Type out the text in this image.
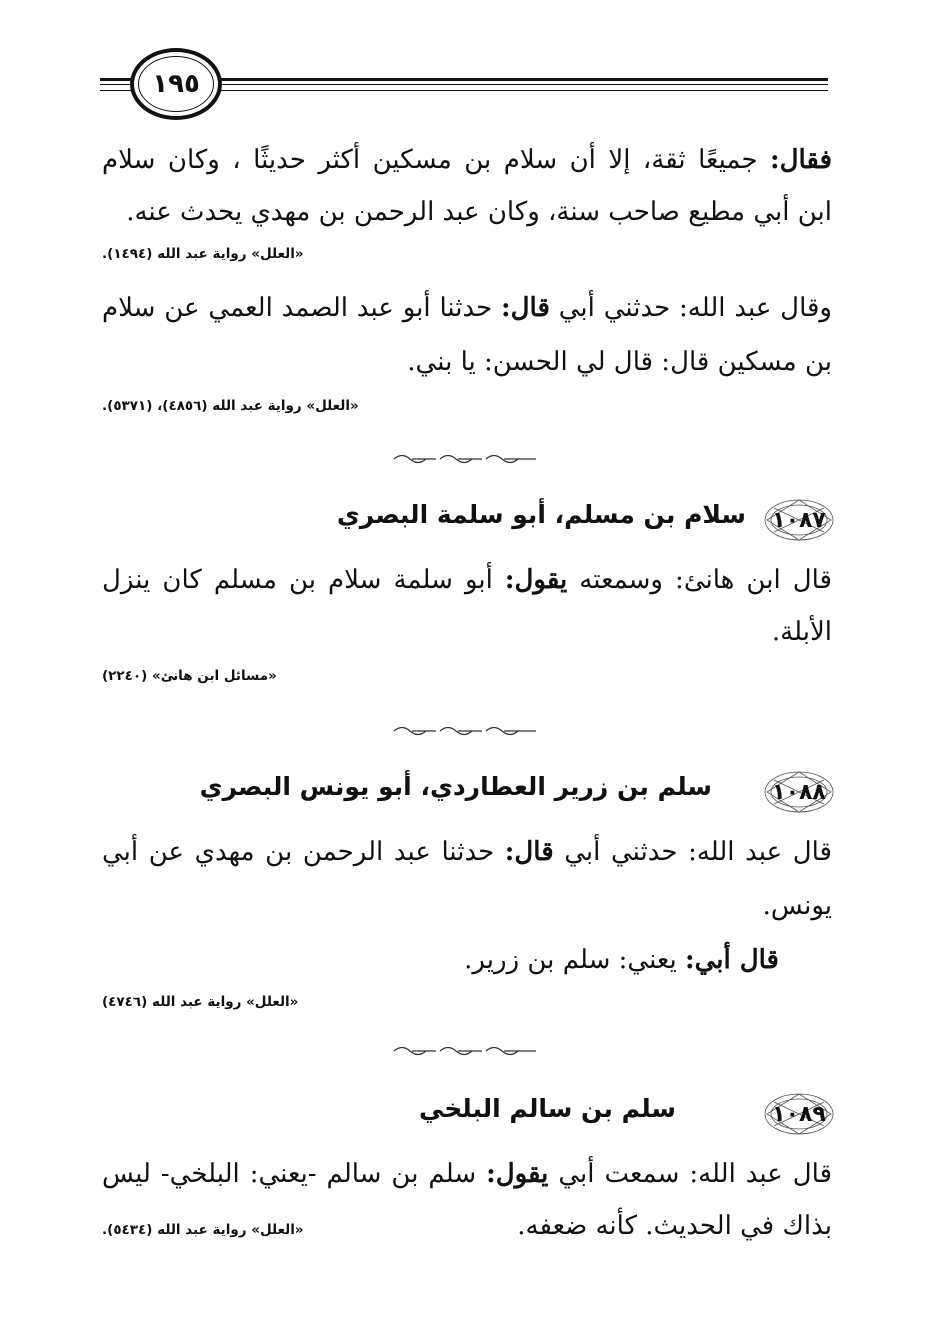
١٩٥
فقال: جميعًا ثقة، إلا أن سلام بن مسكين أكثر حديثًا ، وكان سلام
ابن أبي مطيع صاحب سنة، وكان عبد الرحمن بن مهدي يحدث عنه.
«العلل» رواية عبد الله (١٤٩٤).
وقال عبد الله: حدثني أبي قال: حدثنا أبو عبد الصمد العمي عن سلام
بن مسكين قال: قال لي الحسن: يا بني.
«العلل» رواية عبد الله (٤٨٥٦)، (٥٣٧١).
١٠٨٧
سلام بن مسلم، أبو سلمة البصري
قال ابن هانئ: وسمعته يقول: أبو سلمة سلام بن مسلم كان ينزل
الأبلة.
«مسائل ابن هانئ» (٢٢٤٠)
١٠٨٨
سلم بن زرير العطاردي، أبو يونس البصري
قال عبد الله: حدثني أبي قال: حدثنا عبد الرحمن بن مهدي عن أبي
يونس.
قال أبي: يعني: سلم بن زرير.
«العلل» رواية عبد الله (٤٧٤٦)
١٠٨٩
سلم بن سالم البلخي
قال عبد الله: سمعت أبي يقول: سلم بن سالم -يعني: البلخي- ليس
بذاك في الحديث. كأنه ضعفه.
«العلل» رواية عبد الله (٥٤٣٤).
